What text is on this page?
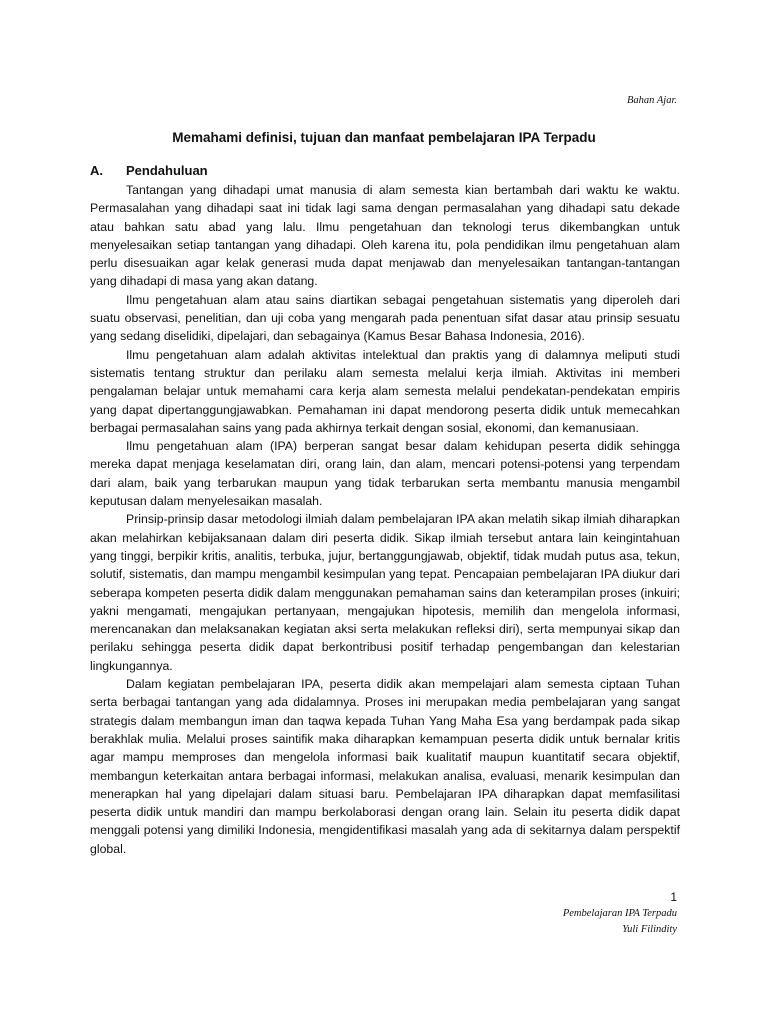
Bahan Ajar.

Memahami definisi, tujuan dan manfaat pembelajaran IPA Terpadu
A.	Pendahuluan

Tantangan yang dihadapi umat manusia di alam semesta kian bertambah dari waktu ke waktu. Permasalahan yang dihadapi saat ini tidak lagi sama dengan permasalahan yang dihadapi satu dekade atau bahkan satu abad yang lalu. Ilmu pengetahuan dan teknologi terus dikembangkan untuk menyelesaikan setiap tantangan yang dihadapi. Oleh karena itu, pola pendidikan ilmu pengetahuan alam perlu disesuaikan agar kelak generasi muda dapat menjawab dan menyelesaikan tantangan-tantangan yang dihadapi di masa yang akan datang.

Ilmu pengetahuan alam atau sains diartikan sebagai pengetahuan sistematis yang diperoleh dari suatu observasi, penelitian, dan uji coba yang mengarah pada penentuan sifat dasar atau prinsip sesuatu yang sedang diselidiki, dipelajari, dan sebagainya (Kamus Besar Bahasa Indonesia, 2016).

Ilmu pengetahuan alam adalah aktivitas intelektual dan praktis yang di dalamnya meliputi studi sistematis tentang struktur dan perilaku alam semesta melalui kerja ilmiah. Aktivitas ini memberi pengalaman belajar untuk memahami cara kerja alam semesta melalui pendekatan-pendekatan empiris yang dapat dipertanggungjawabkan. Pemahaman ini dapat mendorong peserta didik untuk memecahkan berbagai permasalahan sains yang pada akhirnya terkait dengan sosial, ekonomi, dan kemanusiaan.

Ilmu pengetahuan alam (IPA) berperan sangat besar dalam kehidupan peserta didik sehingga mereka dapat menjaga keselamatan diri, orang lain, dan alam, mencari potensi-potensi yang terpendam dari alam, baik yang terbarukan maupun yang tidak terbarukan serta membantu manusia mengambil keputusan dalam menyelesaikan masalah.

Prinsip-prinsip dasar metodologi ilmiah dalam pembelajaran IPA akan melatih sikap ilmiah diharapkan akan melahirkan kebijaksanaan dalam diri peserta didik. Sikap ilmiah tersebut antara lain keingintahuan yang tinggi, berpikir kritis, analitis, terbuka, jujur, bertanggungjawab, objektif, tidak mudah putus asa, tekun, solutif, sistematis, dan mampu mengambil kesimpulan yang tepat. Pencapaian pembelajaran IPA diukur dari seberapa kompeten peserta didik dalam menggunakan pemahaman sains dan keterampilan proses (inkuiri; yakni mengamati, mengajukan pertanyaan, mengajukan hipotesis, memilih dan mengelola informasi, merencanakan dan melaksanakan kegiatan aksi serta melakukan refleksi diri), serta mempunyai sikap dan perilaku sehingga peserta didik dapat berkontribusi positif terhadap pengembangan dan kelestarian lingkungannya.

Dalam kegiatan pembelajaran IPA, peserta didik akan mempelajari alam semesta ciptaan Tuhan serta berbagai tantangan yang ada didalamnya. Proses ini merupakan media pembelajaran yang sangat strategis dalam membangun iman dan taqwa kepada Tuhan Yang Maha Esa yang berdampak pada sikap berakhlak mulia. Melalui proses saintifik maka diharapkan kemampuan peserta didik untuk bernalar kritis agar mampu memproses dan mengelola informasi baik kualitatif maupun kuantitatif secara objektif, membangun keterkaitan antara berbagai informasi, melakukan analisa, evaluasi, menarik kesimpulan dan menerapkan hal yang dipelajari dalam situasi baru. Pembelajaran IPA diharapkan dapat memfasilitasi peserta didik untuk mandiri dan mampu berkolaborasi dengan orang lain. Selain itu peserta didik dapat menggali potensi yang dimiliki Indonesia, mengidentifikasi masalah yang ada di sekitarnya dalam perspektif global.

1

Pembelajaran IPA Terpadu

Yuli Filindity
